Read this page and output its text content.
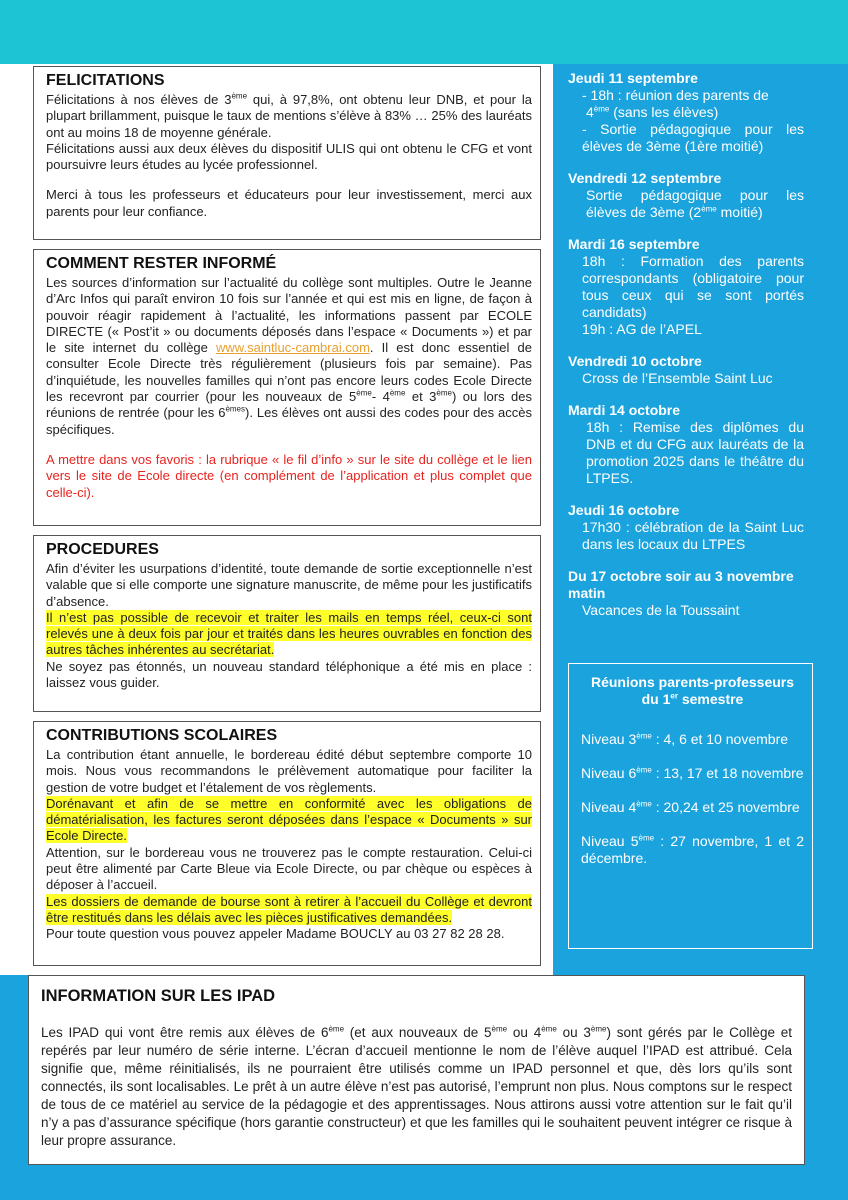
FELICITATIONS

Félicitations à nos élèves de 3ème qui, à 97,8%, ont obtenu leur DNB, et pour la plupart brillamment, puisque le taux de mentions s’élève à 83% … 25% des lauréats ont au moins 18 de moyenne générale.

Félicitations aussi aux deux élèves du dispositif ULIS qui ont obtenu le CFG et vont poursuivre leurs études au lycée professionnel.

Merci à tous les professeurs et éducateurs pour leur investissement, merci aux parents pour leur confiance.

COMMENT RESTER INFORMÉ

Les sources d’information sur l’actualité du collège sont multiples. Outre le Jeanne d’Arc Infos qui paraît environ 10 fois sur l’année et qui est mis en ligne, de façon à pouvoir réagir rapidement à l’actualité, les informations passent par ECOLE DIRECTE (« Post’it » ou documents déposés dans l’espace « Documents ») et par le site internet du collège www.saintluc-cambrai.com. Il est donc essentiel de consulter Ecole Directe très régulièrement (plusieurs fois par semaine). Pas d’inquiétude, les nouvelles familles qui n’ont pas encore leurs codes Ecole Directe les recevront par courrier (pour les nouveaux de 5ème- 4ème et 3ème) ou lors des réunions de rentrée (pour les 6èmes). Les élèves ont aussi des codes pour des accès spécifiques.

A mettre dans vos favoris : la rubrique « le fil d’info » sur le site du collège et le lien vers le site de Ecole directe (en complément de l’application et plus complet que celle-ci).

PROCEDURES

Afin d’éviter les usurpations d’identité, toute demande de sortie exceptionnelle n’est valable que si elle comporte une signature manuscrite, de même pour les justificatifs d’absence.

Il n’est pas possible de recevoir et traiter les mails en temps réel, ceux-ci sont relevés une à deux fois par jour et traités dans les heures ouvrables en fonction des autres tâches inhérentes au secrétariat.

Ne soyez pas étonnés, un nouveau standard téléphonique a été mis en place : laissez vous guider.

CONTRIBUTIONS SCOLAIRES

La contribution étant annuelle, le bordereau édité début septembre comporte 10 mois. Nous vous recommandons le prélèvement automatique pour faciliter la gestion de votre budget et l’étalement de vos règlements.

Dorénavant et afin de se mettre en conformité avec les obligations de dématérialisation, les factures seront déposées dans l’espace « Documents » sur Ecole Directe.

Attention, sur le bordereau vous ne trouverez pas le compte restauration. Celui-ci peut être alimenté par Carte Bleue via Ecole Directe, ou par chèque ou espèces à déposer à l’accueil.

Les dossiers de demande de bourse sont à retirer à l’accueil du Collège et devront être restitués dans les délais avec les pièces justificatives demandées.

Pour toute question vous pouvez appeler Madame BOUCLY au 03 27 82 28 28.

Jeudi 11 septembre

- 18h : réunion des parents de

4ème (sans les élèves)

- Sortie pédagogique pour les élèves de 3ème (1ère moitié)

Vendredi 12 septembre

Sortie pédagogique pour les élèves de 3ème (2ème moitié)

Mardi 16 septembre

18h : Formation des parents correspondants (obligatoire pour tous ceux qui se sont portés candidats)

19h : AG de l’APEL

Vendredi 10 octobre

Cross de l’Ensemble Saint Luc

Mardi 14 octobre

18h : Remise des diplômes du DNB et du CFG aux lauréats de la promotion 2025 dans le théâtre du LTPES.

Jeudi 16 octobre

17h30 : célébration de la Saint Luc dans les locaux du LTPES

Du 17 octobre soir au 3 novembre matin

Vacances de la Toussaint

Réunions parents-professeurs du 1er semestre

Niveau 3ème : 4, 6 et 10 novembre

Niveau 6ème : 13, 17 et 18 novembre

Niveau 4ème : 20,24 et 25 novembre

Niveau 5ème : 27 novembre, 1 et 2 décembre.

INFORMATION SUR LES IPAD

Les IPAD qui vont être remis aux élèves de 6ème (et aux nouveaux de 5ème ou 4ème ou 3ème) sont gérés par le Collège et repérés par leur numéro de série interne. L’écran d’accueil mentionne le nom de l’élève auquel l’IPAD est attribué. Cela signifie que, même réinitialisés, ils ne pourraient être utilisés comme un IPAD personnel et que, dès lors qu’ils sont connectés, ils sont localisables. Le prêt à un autre élève n’est pas autorisé, l’emprunt non plus. Nous comptons sur le respect de tous de ce matériel au service de la pédagogie et des apprentissages. Nous attirons aussi votre attention sur le fait qu’il n’y a pas d’assurance spécifique (hors garantie constructeur) et que les familles qui le souhaitent peuvent intégrer ce risque à leur propre assurance.
